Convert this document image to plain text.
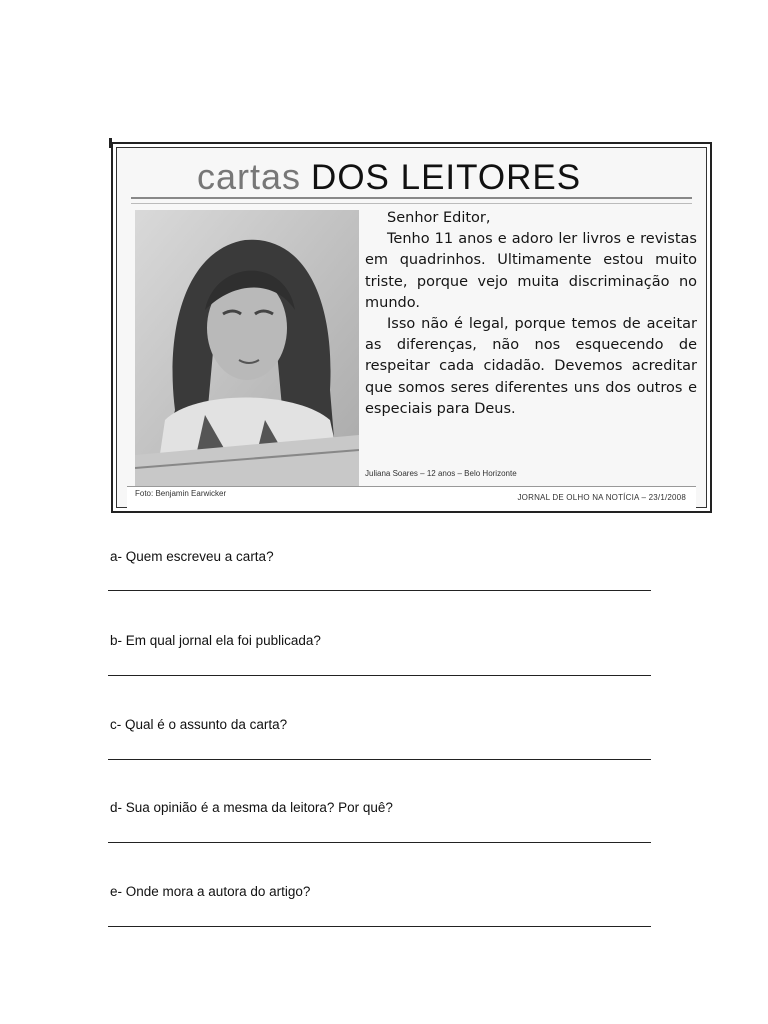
cartas DOS LEITORES

Senhor Editor,

Tenho 11 anos e adoro ler livros e revistas em quadrinhos. Ultimamente estou muito triste, porque vejo muita discriminação no mundo.

Isso não é legal, porque temos de aceitar as diferenças, não nos esquecendo de respeitar cada cidadão. Devemos acreditar que somos seres diferentes uns dos outros e especiais para Deus.

Juliana Soares – 12 anos – Belo Horizonte
Foto: Benjamin Earwicker	JORNAL DE OLHO NA NOTÍCIA – 23/1/2008
a- Quem escreveu a carta?
b- Em qual jornal ela foi publicada?
c- Qual é o assunto da carta?
d- Sua opinião é a mesma da leitora? Por quê?
e- Onde mora a autora do artigo?
